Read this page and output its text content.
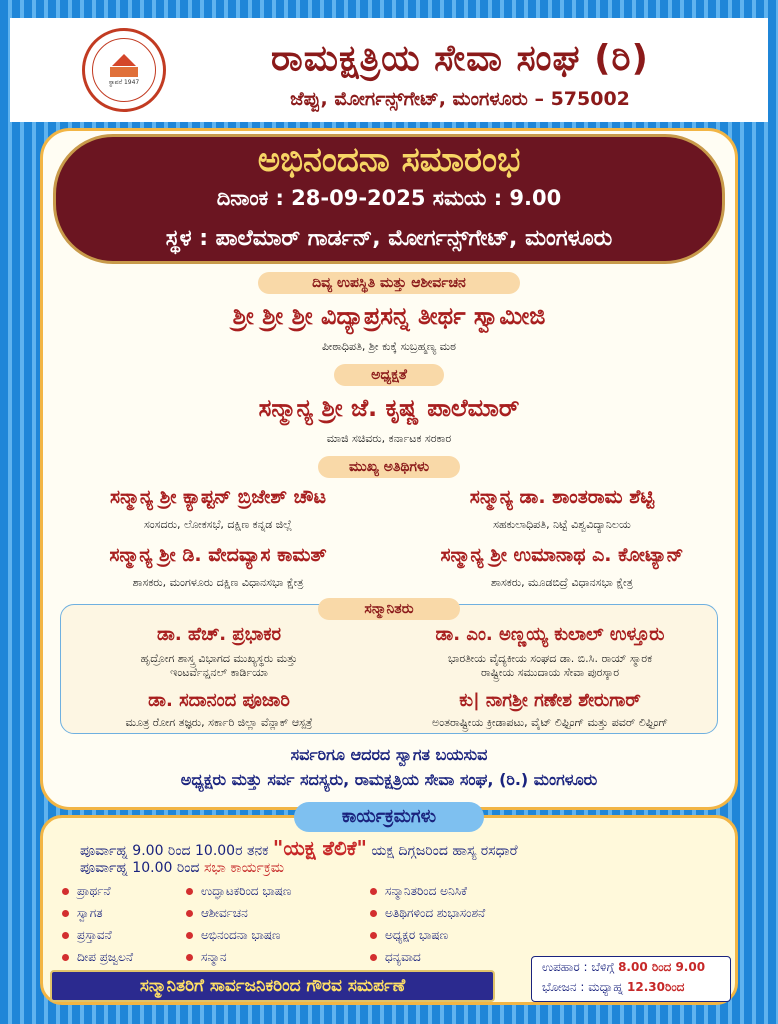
ಸ್ಥಾಪನೆ 1947
ರಾಮಕ್ಷತ್ರಿಯ ಸೇವಾ ಸಂಘ (ರಿ)
ಜೆಪ್ಪು, ಮೋರ್ಗನ್ಸ್‌ಗೇಟ್, ಮಂಗಳೂರು – 575002
ಅಭಿನಂದನಾ ಸಮಾರಂಭ
ದಿನಾಂಕ : 28-09-2025 ಸಮಯ : 9.00
ಸ್ಥಳ : ಪಾಲೆಮಾರ್ ಗಾರ್ಡನ್, ಮೋರ್ಗನ್ಸ್‌ಗೇಟ್, ಮಂಗಳೂರು
ದಿವ್ಯ ಉಪಸ್ಥಿತಿ ಮತ್ತು ಆಶೀರ್ವಚನ
ಶ್ರೀ ಶ್ರೀ ಶ್ರೀ ವಿದ್ಯಾಪ್ರಸನ್ನ ತೀರ್ಥ ಸ್ವಾಮೀಜಿ
ಪೀಠಾಧಿಪತಿ, ಶ್ರೀ ಕುಕ್ಕೆ ಸುಬ್ರಹ್ಮಣ್ಯ ಮಠ
ಅಧ್ಯಕ್ಷತೆ
ಸನ್ಮಾನ್ಯ ಶ್ರೀ ಜೆ. ಕೃಷ್ಣ ಪಾಲೆಮಾರ್
ಮಾಜಿ ಸಚಿವರು, ಕರ್ನಾಟಕ ಸರಕಾರ
ಮುಖ್ಯ ಅತಿಥಿಗಳು
ಸನ್ಮಾನ್ಯ ಶ್ರೀ ಕ್ಯಾಪ್ಟನ್ ಬ್ರಿಜೇಶ್ ಚೌಟ
ಸಂಸದರು, ಲೋಕಸಭೆ, ದಕ್ಷಿಣ ಕನ್ನಡ ಜಿಲ್ಲೆ
ಸನ್ಮಾನ್ಯ ಡಾ. ಶಾಂತರಾಮ ಶೆಟ್ಟಿ
ಸಹಕುಲಾಧಿಪತಿ, ನಿಟ್ಟೆ ವಿಶ್ವವಿದ್ಯಾನಿಲಯ
ಸನ್ಮಾನ್ಯ ಶ್ರೀ ಡಿ. ವೇದವ್ಯಾಸ ಕಾಮತ್
ಶಾಸಕರು, ಮಂಗಳೂರು ದಕ್ಷಿಣ ವಿಧಾನಸಭಾ ಕ್ಷೇತ್ರ
ಸನ್ಮಾನ್ಯ ಶ್ರೀ ಉಮಾನಾಥ ಎ. ಕೋಟ್ಯಾನ್
ಶಾಸಕರು, ಮೂಡಬಿದ್ರೆ ವಿಧಾನಸಭಾ ಕ್ಷೇತ್ರ
ಸನ್ಮಾನಿತರು
ಡಾ. ಹೆಚ್. ಪ್ರಭಾಕರ
ಹೃದ್ರೋಗ ಶಾಸ್ತ್ರ ವಿಭಾಗದ ಮುಖ್ಯಸ್ಥರು ಮತ್ತು
ಇಂಟರ್ವೆನ್ಷನಲ್ ಕಾರ್ಡಿಯಾ
ಡಾ. ಎಂ. ಅಣ್ಣಯ್ಯ ಕುಲಾಲ್ ಉಳ್ತೂರು
ಭಾರತೀಯ ವೈದ್ಯಕೀಯ ಸಂಘದ ಡಾ. ಬಿ.ಸಿ. ರಾಯ್ ಸ್ಮಾರಕ
ರಾಷ್ಟ್ರೀಯ ಸಮುದಾಯ ಸೇವಾ ಪುರಸ್ಕಾರ
ಡಾ. ಸದಾನಂದ ಪೂಜಾರಿ
ಮೂತ್ರ ರೋಗ ತಜ್ಞರು, ಸರ್ಕಾರಿ ಜಿಲ್ಲಾ ವೆನ್ಲಾಕ್ ಆಸ್ಪತ್ರೆ
ಕು| ನಾಗಶ್ರೀ ಗಣೇಶ ಶೇರುಗಾರ್
ಅಂತರಾಷ್ಟ್ರೀಯ ಕ್ರೀಡಾಪಟು, ವೈಟ್ ಲಿಫ್ಟಿಂಗ್ ಮತ್ತು ಪವರ್ ಲಿಫ್ಟಿಂಗ್
ಸರ್ವರಿಗೂ ಆದರದ ಸ್ವಾಗತ ಬಯಸುವ
ಅಧ್ಯಕ್ಷರು ಮತ್ತು ಸರ್ವ ಸದಸ್ಯರು, ರಾಮಕ್ಷತ್ರಿಯ ಸೇವಾ ಸಂಘ, (ರಿ.) ಮಂಗಳೂರು
ಕಾರ್ಯಕ್ರಮಗಳು
ಪೂರ್ವಾಹ್ನ 9.00 ರಿಂದ 10.00ರ ತನಕ "ಯಕ್ಷ ತೆಲಿಕೆ" ಯಕ್ಷ ದಿಗ್ಗಜರಿಂದ ಹಾಸ್ಯ ರಸಧಾರೆ
ಪೂರ್ವಾಹ್ನ 10.00 ರಿಂದ ಸಭಾ ಕಾರ್ಯಕ್ರಮ
ಪ್ರಾರ್ಥನೆ
ಸ್ವಾಗತ
ಪ್ರಸ್ತಾವನೆ
ದೀಪ ಪ್ರಜ್ವಲನೆ
ಉದ್ಘಾಟಕರಿಂದ ಭಾಷಣ
ಆಶೀರ್ವಚನ
ಅಭಿನಂದನಾ ಭಾಷಣ
ಸನ್ಮಾನ
ಸನ್ಮಾನಿತರಿಂದ ಅನಿಸಿಕೆ
ಅತಿಥಿಗಳಿಂದ ಶುಭಾಸಂಶನೆ
ಅಧ್ಯಕ್ಷರ ಭಾಷಣ
ಧನ್ಯವಾದ
ಸನ್ಮಾನಿತರಿಗೆ ಸಾರ್ವಜನಿಕರಿಂದ ಗೌರವ ಸಮರ್ಪಣೆ
ಉಪಹಾರ : ಬೆಳಿಗ್ಗೆ 8.00 ರಿಂದ 9.00
ಭೋಜನ : ಮಧ್ಯಾಹ್ನ 12.30ರಿಂದ
